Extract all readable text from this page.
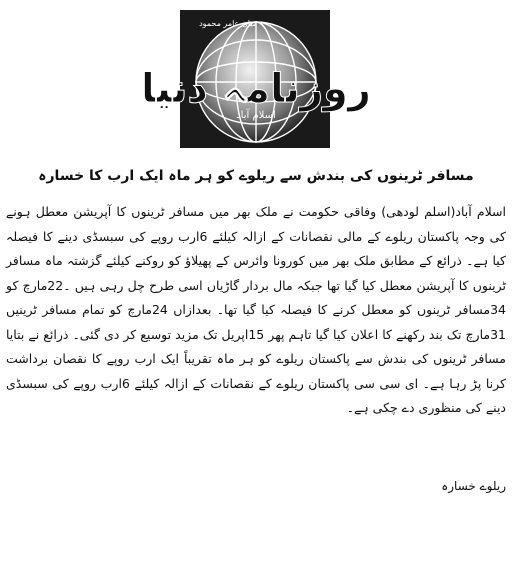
روزنامہ دنیا
اسلام آباد
میاں عامر محمود
مسافر ٹرینوں کی بندش سے ریلوے کو ہر ماہ ایک ارب کا خسارہ

اسلام آباد(اسلم لودھی) وفاقی حکومت نے ملک بھر میں مسافر ٹرینوں کا آپریشن معطل ہونے کی وجہ پاکستان ریلوے کے مالی نقصانات کے ازالہ کیلئے 6ارب روپے کی سبسڈی دینے کا فیصلہ کیا ہے۔ ذرائع کے مطابق ملک بھر میں کورونا وائرس کے پھیلاؤ کو روکنے کیلئے گزشتہ ماہ مسافر ٹرینوں کا آپریشن معطل کیا گیا تھا جبکہ مال بردار گاڑیاں اسی طرح چل رہی ہیں ۔22مارچ کو 34مسافر ٹرینوں کو معطل کرنے کا فیصلہ کیا گیا تھا۔ بعدازاں 24مارچ کو تمام مسافر ٹرینیں 31مارچ تک بند رکھنے کا اعلان کیا گیا تاہم پھر 15اپریل تک مزید توسیع کر دی گئی۔ ذرائع نے بتایا مسافر ٹرینوں کی بندش سے پاکستان ریلوے کو ہر ماہ تقریباً ایک ارب روپے کا نقصان برداشت کرنا پڑ رہا ہے۔ ای سی سی پاکستان ریلوے کے نقصانات کے ازالہ کیلئے 6ارب روپے کی سبسڈی دینے کی منظوری دے چکی ہے۔

ریلوے خسارہ
